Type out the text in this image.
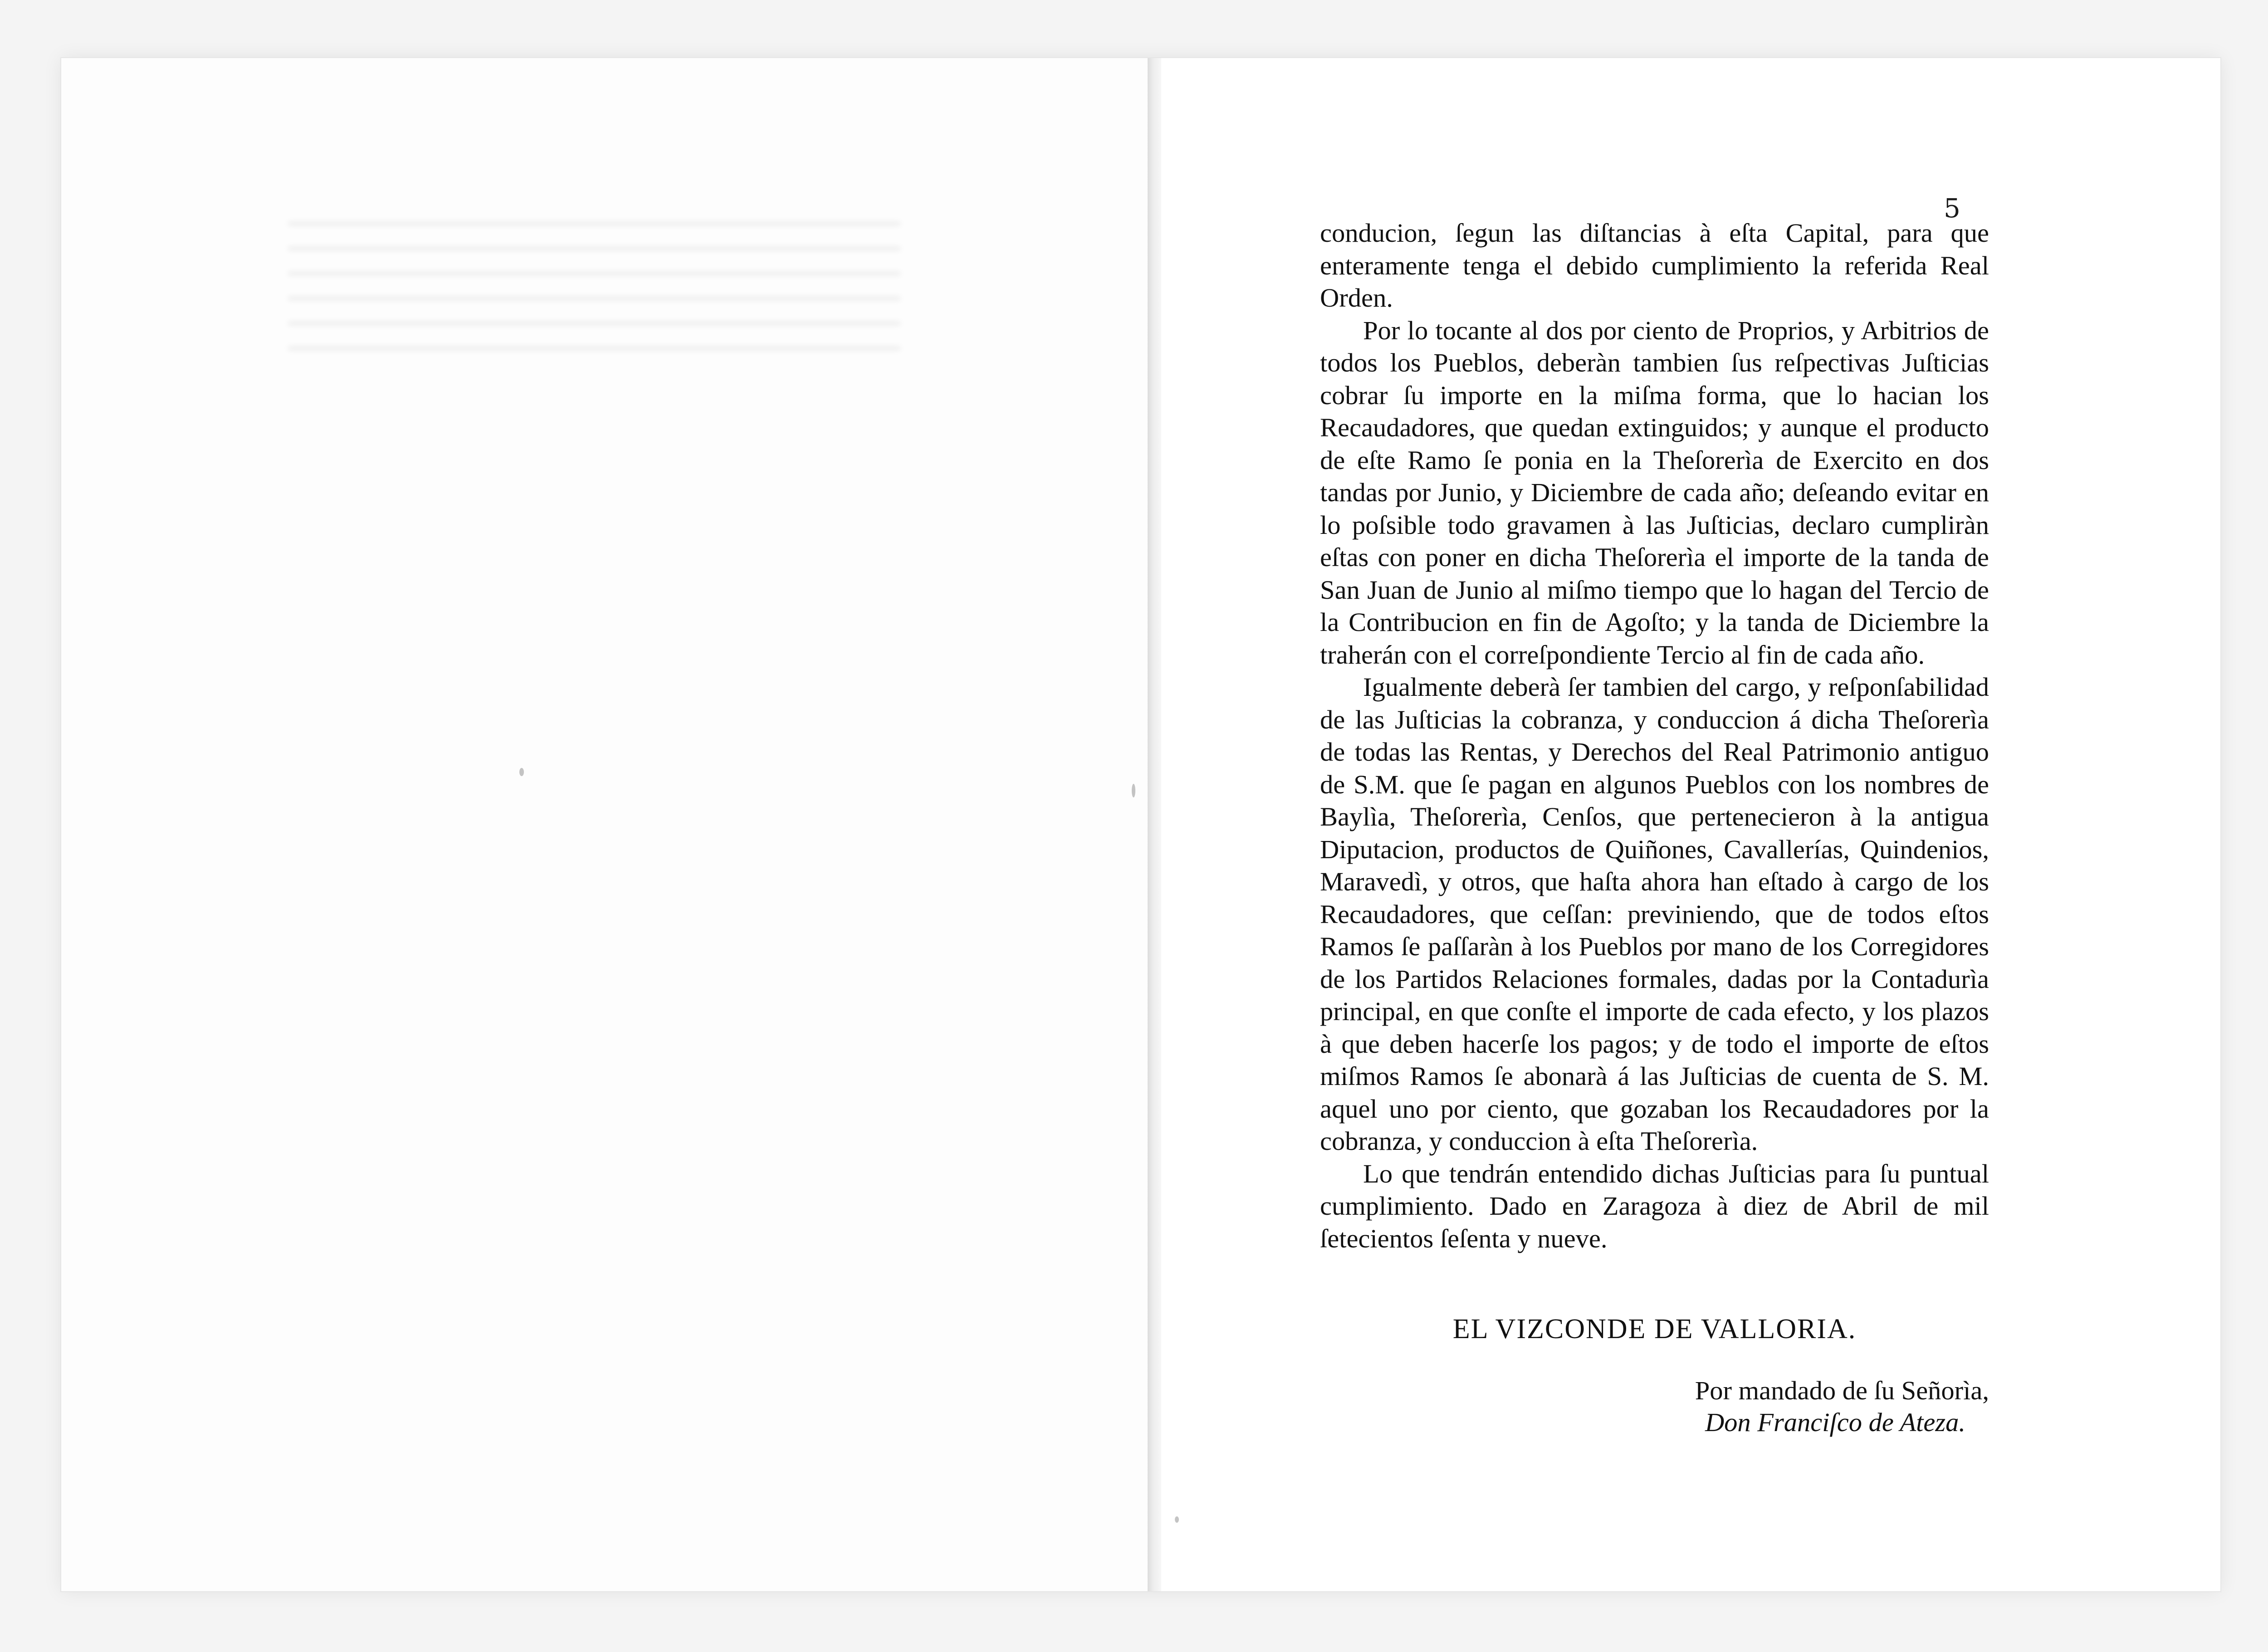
5

conducion, ſegun las diſtancias à eſta Capital, para que enteramente tenga el debido cumplimiento la referida Real Orden.

Por lo tocante al dos por ciento de Proprios, y Arbitrios de todos los Pueblos, deberàn tambien ſus reſpectivas Juſticias cobrar ſu importe en la miſma forma, que lo hacian los Recaudadores, que quedan extinguidos; y aunque el producto de eſte Ramo ſe ponia en la Theſorerìa de Exercito en dos tandas por Junio, y Diciembre de cada año; deſeando evitar en lo poſsible todo gravamen à las Juſticias, declaro cumpliràn eſtas con poner en dicha Theſorerìa el importe de la tanda de San Juan de Junio al miſmo tiempo que lo hagan del Tercio de la Contribucion en fin de Agoſto; y la tanda de Diciembre la traherán con el correſpondiente Tercio al fin de cada año.

Igualmente deberà ſer tambien del cargo, y reſponſabilidad de las Juſticias la cobranza, y conduccion á dicha Theſorerìa de todas las Rentas, y Derechos del Real Patrimonio antiguo de S.M. que ſe pagan en algunos Pueblos con los nombres de Baylìa, Theſorerìa, Cenſos, que pertenecieron à la antigua Diputacion, productos de Quiñones, Cavallerías, Quindenios, Maravedì, y otros, que haſta ahora han eſtado à cargo de los Recaudadores, que ceſſan: previniendo, que de todos eſtos Ramos ſe paſſaràn à los Pueblos por mano de los Corregidores de los Partidos Relaciones formales, dadas por la Contadurìa principal, en que conſte el importe de cada efecto, y los plazos à que deben hacerſe los pagos; y de todo el importe de eſtos miſmos Ramos ſe abonarà á las Juſticias de cuenta de S. M. aquel uno por ciento, que gozaban los Recaudadores por la cobranza, y conduccion à eſta Theſorerìa.

Lo que tendrán entendido dichas Juſticias para ſu puntual cumplimiento. Dado en Zaragoza à diez de Abril de mil ſetecientos ſeſenta y nueve.

EL VIZCONDE DE VALLORIA.
Por mandado de ſu Señorìa,
Don Franciſco de Ateza.
